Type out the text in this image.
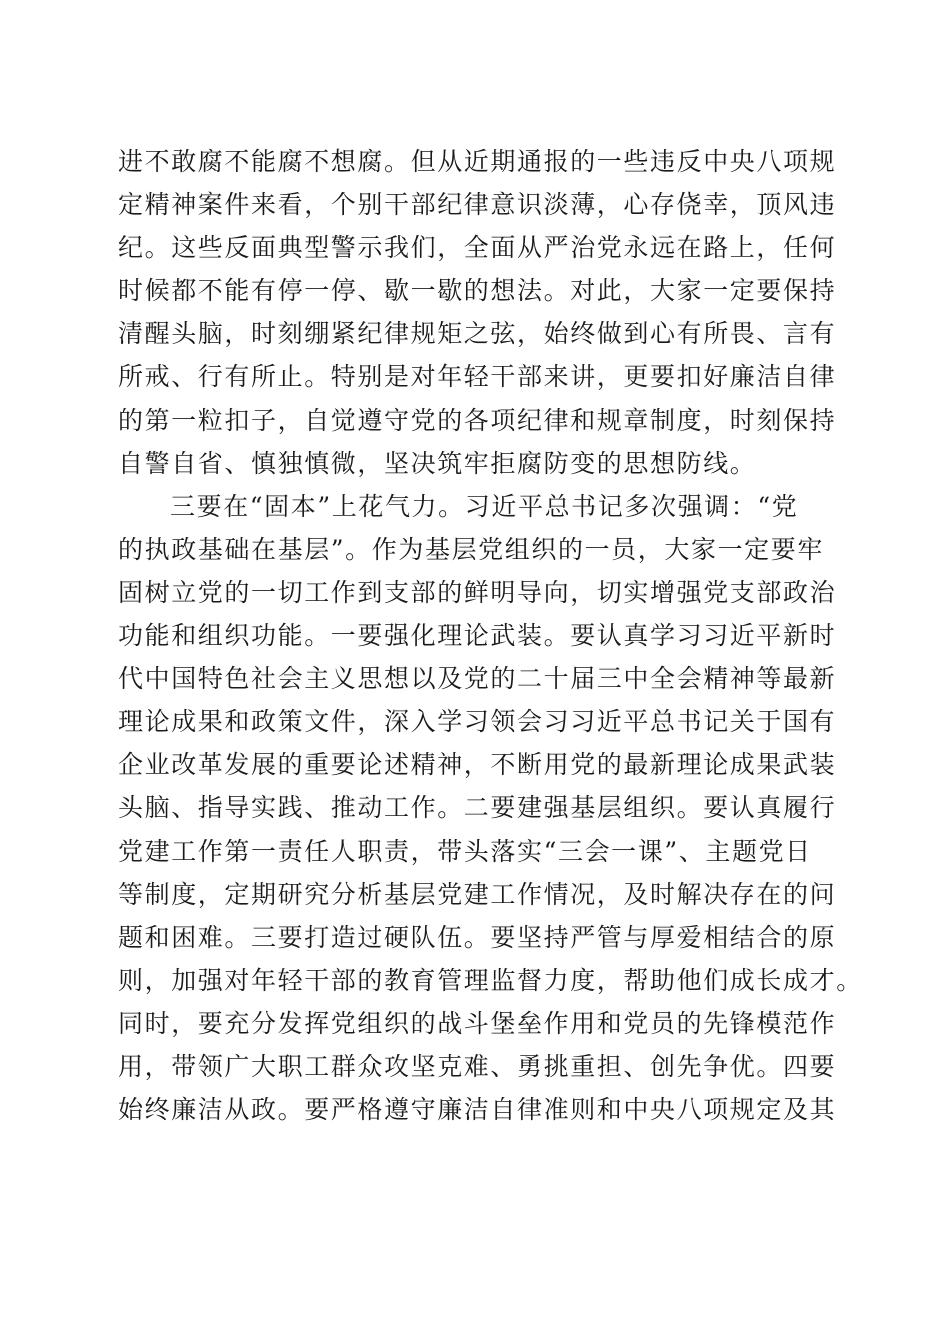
进不敢腐不能腐不想腐。但从近期通报的一些违反中央八项规
定精神案件来看，个别干部纪律意识淡薄，心存侥幸，顶风违
纪。这些反面典型警示我们，全面从严治党永远在路上，任何
时候都不能有停一停、歇一歇的想法。对此，大家一定要保持
清醒头脑，时刻绷紧纪律规矩之弦，始终做到心有所畏、言有
所戒、行有所止。特别是对年轻干部来讲，更要扣好廉洁自律
的第一粒扣子，自觉遵守党的各项纪律和规章制度，时刻保持
自警自省、慎独慎微，坚决筑牢拒腐防变的思想防线。
三要在“固本”上花气力。习近平总书记多次强调：“党
的执政基础在基层”。作为基层党组织的一员，大家一定要牢
固树立党的一切工作到支部的鲜明导向，切实增强党支部政治
功能和组织功能。一要强化理论武装。要认真学习习近平新时
代中国特色社会主义思想以及党的二十届三中全会精神等最新
理论成果和政策文件，深入学习领会习习近平总书记关于国有
企业改革发展的重要论述精神，不断用党的最新理论成果武装
头脑、指导实践、推动工作。二要建强基层组织。要认真履行
党建工作第一责任人职责，带头落实“三会一课”、主题党日
等制度，定期研究分析基层党建工作情况，及时解决存在的问
题和困难。三要打造过硬队伍。要坚持严管与厚爱相结合的原
则，加强对年轻干部的教育管理监督力度，帮助他们成长成才。
同时，要充分发挥党组织的战斗堡垒作用和党员的先锋模范作
用，带领广大职工群众攻坚克难、勇挑重担、创先争优。四要
始终廉洁从政。要严格遵守廉洁自律准则和中央八项规定及其
